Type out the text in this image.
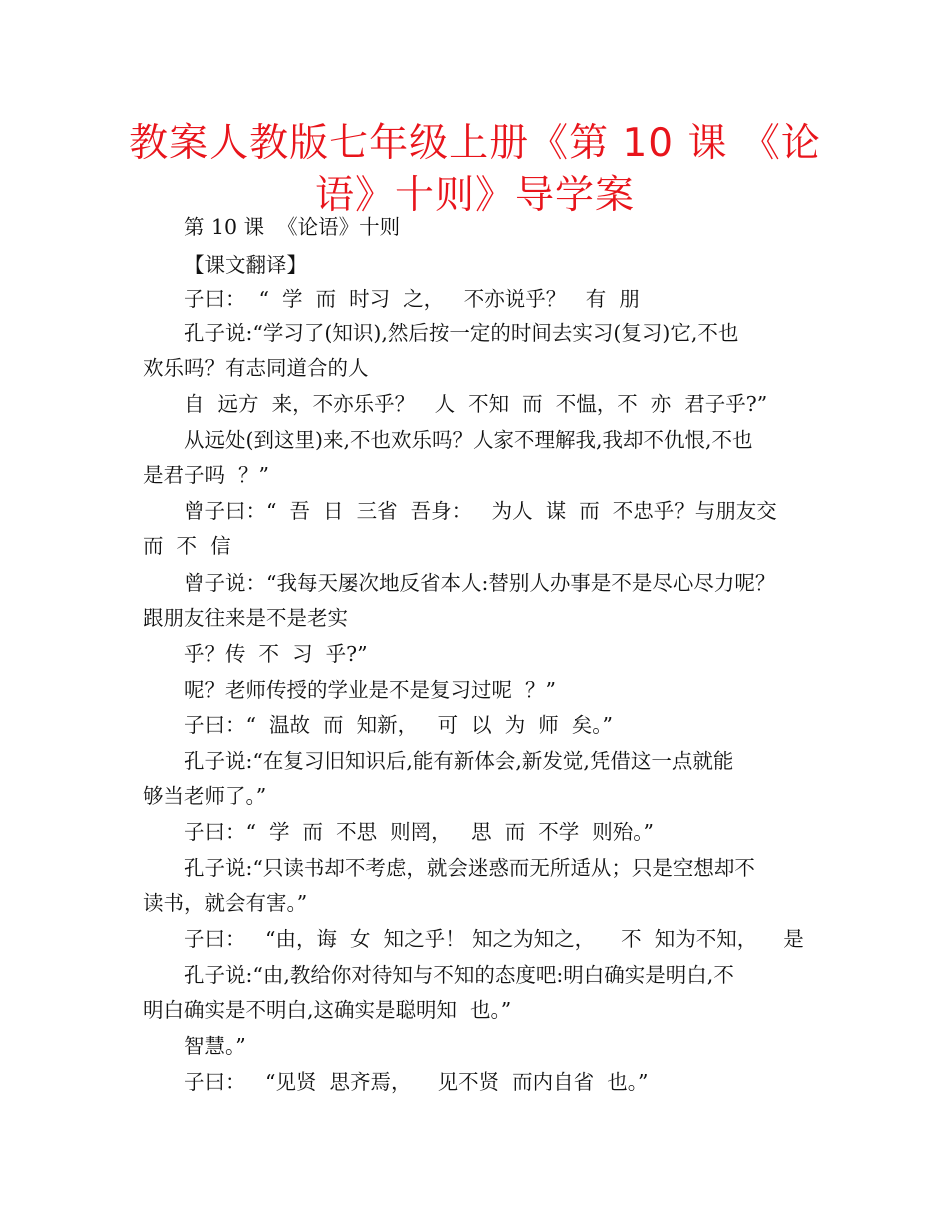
教案人教版七年级上册《第 10 课 《论
语》十则》导学案
第 10 课  《论语》十则
【课文翻译】
子曰：  “  学  而  时习  之，   不亦说乎？   有  朋
孔子说:“学习了(知识),然后按一定的时间去实习(复习)它,不也
欢乐吗？有志同道合的人
自  远方  来，不亦乐乎？   人  不知  而  不愠，不  亦  君子乎?”
从远处(到这里)来,不也欢乐吗？人家不理解我,我却不仇恨,不也
是君子吗  ？”
曾子曰：“  吾  日  三省  吾身：   为人  谋  而  不忠乎？与朋友交
而  不  信
曾子说：“我每天屡次地反省本人:替别人办事是不是尽心尽力呢？
跟朋友往来是不是老实
乎？传  不  习  乎?”
呢？老师传授的学业是不是复习过呢  ？”
子曰：“  温故  而  知新，   可  以  为  师  矣。”
孔子说:“在复习旧知识后,能有新体会,新发觉,凭借这一点就能
够当老师了。”
子曰：“  学  而  不思  则罔，   思  而  不学  则殆。”
孔子说:“只读书却不考虑，就会迷惑而无所适从；只是空想却不
读书，就会有害。”
子曰：   “由，诲  女  知之乎！ 知之为知之，    不  知为不知，    是
孔子说:“由,教给你对待知与不知的态度吧:明白确实是明白,不
明白确实是不明白,这确实是聪明知  也。”
智慧。”
子曰：   “见贤  思齐焉，    见不贤  而内自省  也。”
